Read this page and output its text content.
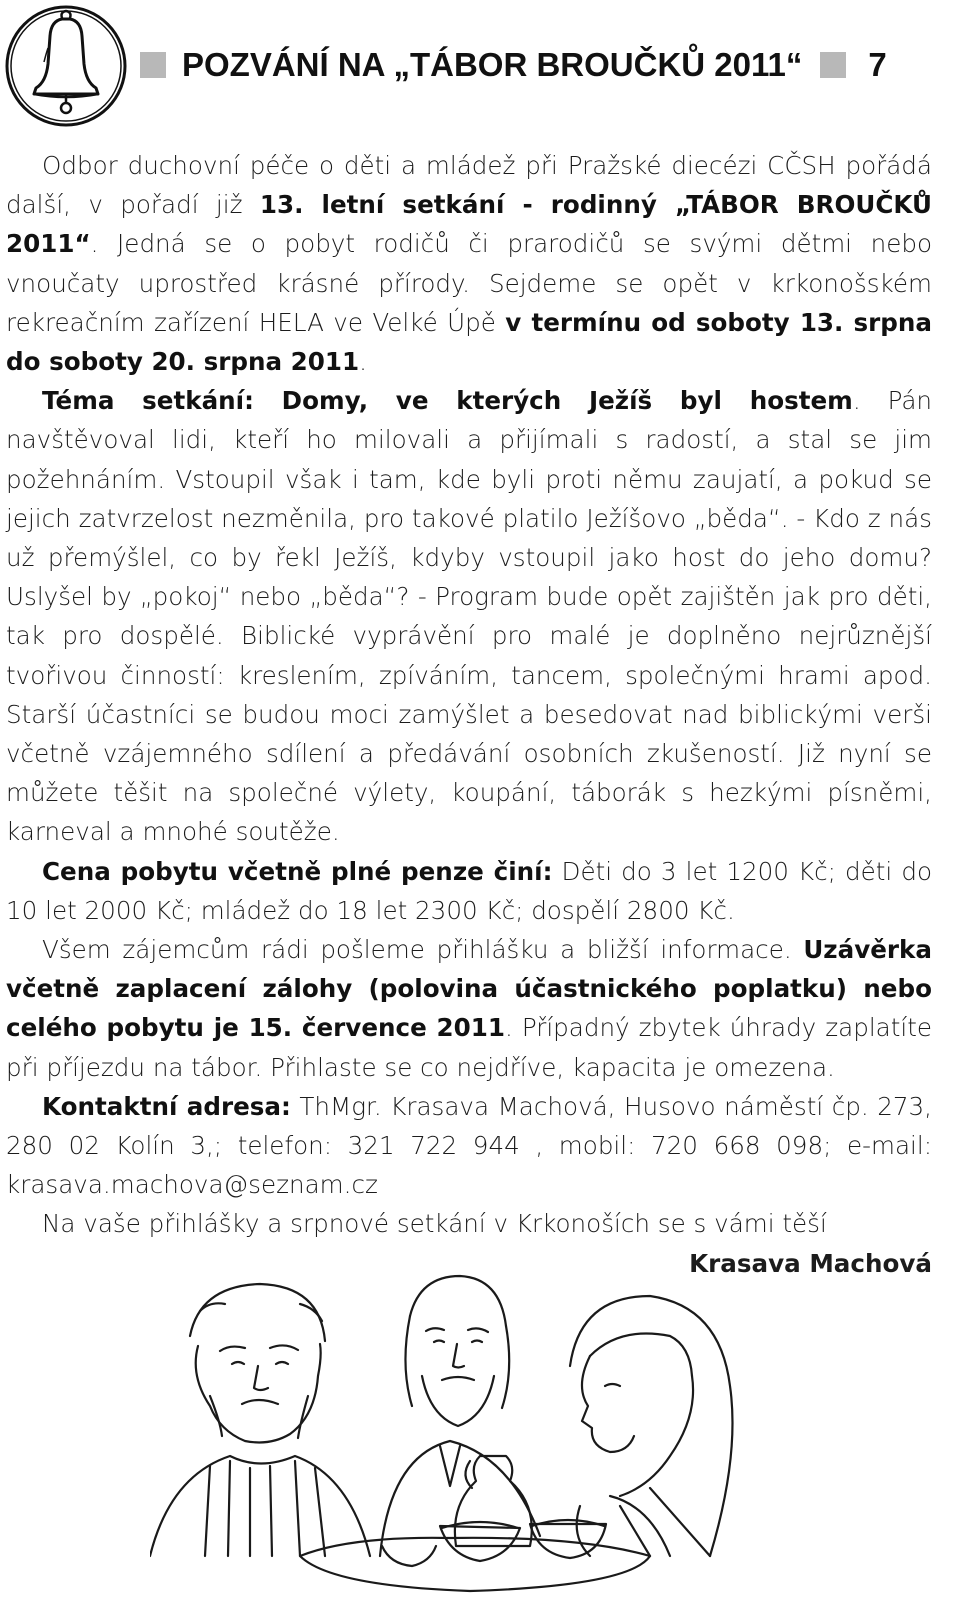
POZVÁNÍ NA „TÁBOR BROUČKŮ 2011“ 7

Odbor duchovní péče o děti a mládež při Pražské diecézi CČSH pořádá další, v pořadí již 13. letní setkání - rodinný „TÁBOR BROUČKŮ 2011“. Jedná se o pobyt rodičů či prarodičů se svými dětmi nebo vnoučaty uprostřed krásné přírody. Sejdeme se opět v krkonošském rekreačním zařízení HELA ve Velké Úpě v termínu od soboty 13. srpna do soboty 20. srpna 2011.

Téma setkání: Domy, ve kterých Ježíš byl hostem. Pán navštěvoval lidi, kteří ho milovali a přijímali s radostí, a stal se jim požehnáním. Vstoupil však i tam, kde byli proti němu zaujatí, a pokud se jejich zatvrzelost nezměnila, pro takové platilo Ježíšovo „běda“. - Kdo z nás už přemýšlel, co by řekl Ježíš, kdyby vstoupil jako host do jeho domu? Uslyšel by „pokoj“ nebo „běda“? - Program bude opět zajištěn jak pro děti, tak pro dospělé. Biblické vyprávění pro malé je doplněno nejrůznější tvořivou činností: kreslením, zpíváním, tancem, společnými hrami apod. Starší účastníci se budou moci zamýšlet a besedovat nad biblickými verši včetně vzájemného sdílení a předávání osobních zkušeností. Již nyní se můžete těšit na společné výlety, koupání, táborák s hezkými písněmi, karneval a mnohé soutěže.

Cena pobytu včetně plné penze činí: Děti do 3 let 1200 Kč; děti do 10 let 2000 Kč; mládež do 18 let 2300 Kč; dospělí 2800 Kč.

Všem zájemcům rádi pošleme přihlášku a bližší informace. Uzávěrka včetně zaplacení zálohy (polovina účastnického poplatku) nebo celého pobytu je 15. července 2011. Případný zbytek úhrady zaplatíte při příjezdu na tábor. Přihlaste se co nejdříve, kapacita je omezena.

Kontaktní adresa: ThMgr. Krasava Machová, Husovo náměstí čp. 273, 280 02 Kolín 3,; telefon: 321 722 944 , mobil: 720 668 098; e-mail: krasava.machova@seznam.cz

Na vaše přihlášky a srpnové setkání v Krkonoších se s vámi těší

Krasava Machová
